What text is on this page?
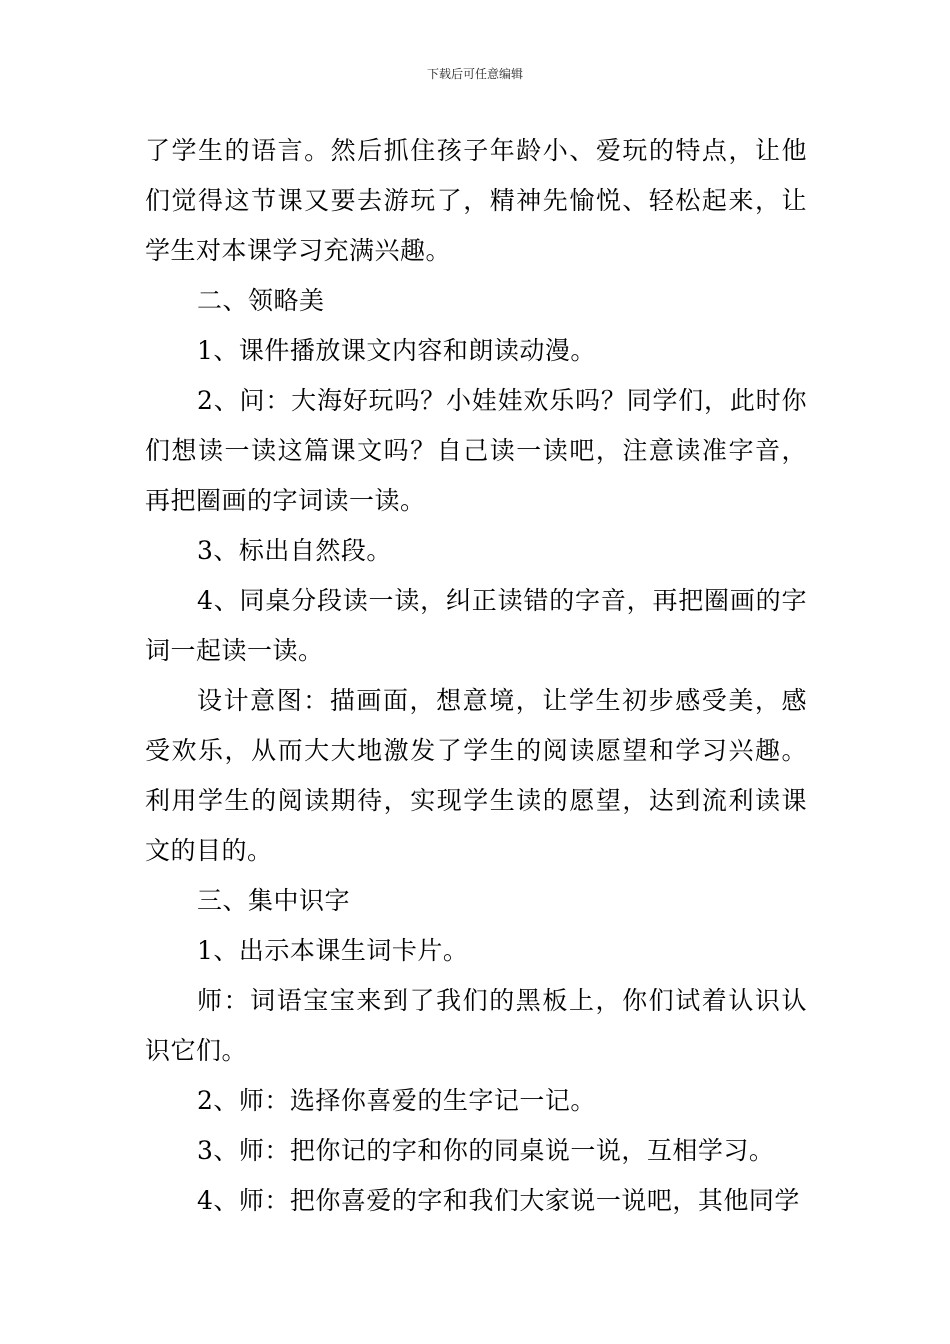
下载后可任意编辑

了学生的语言。然后抓住孩子年龄小、爱玩的特点，让他们觉得这节课又要去游玩了，精神先愉悦、轻松起来，让学生对本课学习充满兴趣。

二、领略美

1、课件播放课文内容和朗读动漫。

2、问：大海好玩吗？小娃娃欢乐吗？同学们，此时你们想读一读这篇课文吗？自己读一读吧，注意读准字音，再把圈画的字词读一读。

3、标出自然段。

4、同桌分段读一读，纠正读错的字音，再把圈画的字词一起读一读。

设计意图：描画面，想意境，让学生初步感受美，感受欢乐，从而大大地激发了学生的阅读愿望和学习兴趣。利用学生的阅读期待，实现学生读的愿望，达到流利读课文的目的。

三、集中识字

1、出示本课生词卡片。

师：词语宝宝来到了我们的黑板上，你们试着认识认识它们。

2、师：选择你喜爱的生字记一记。

3、师：把你记的字和你的同桌说一说，互相学习。

4、师：把你喜爱的字和我们大家说一说吧，其他同学
